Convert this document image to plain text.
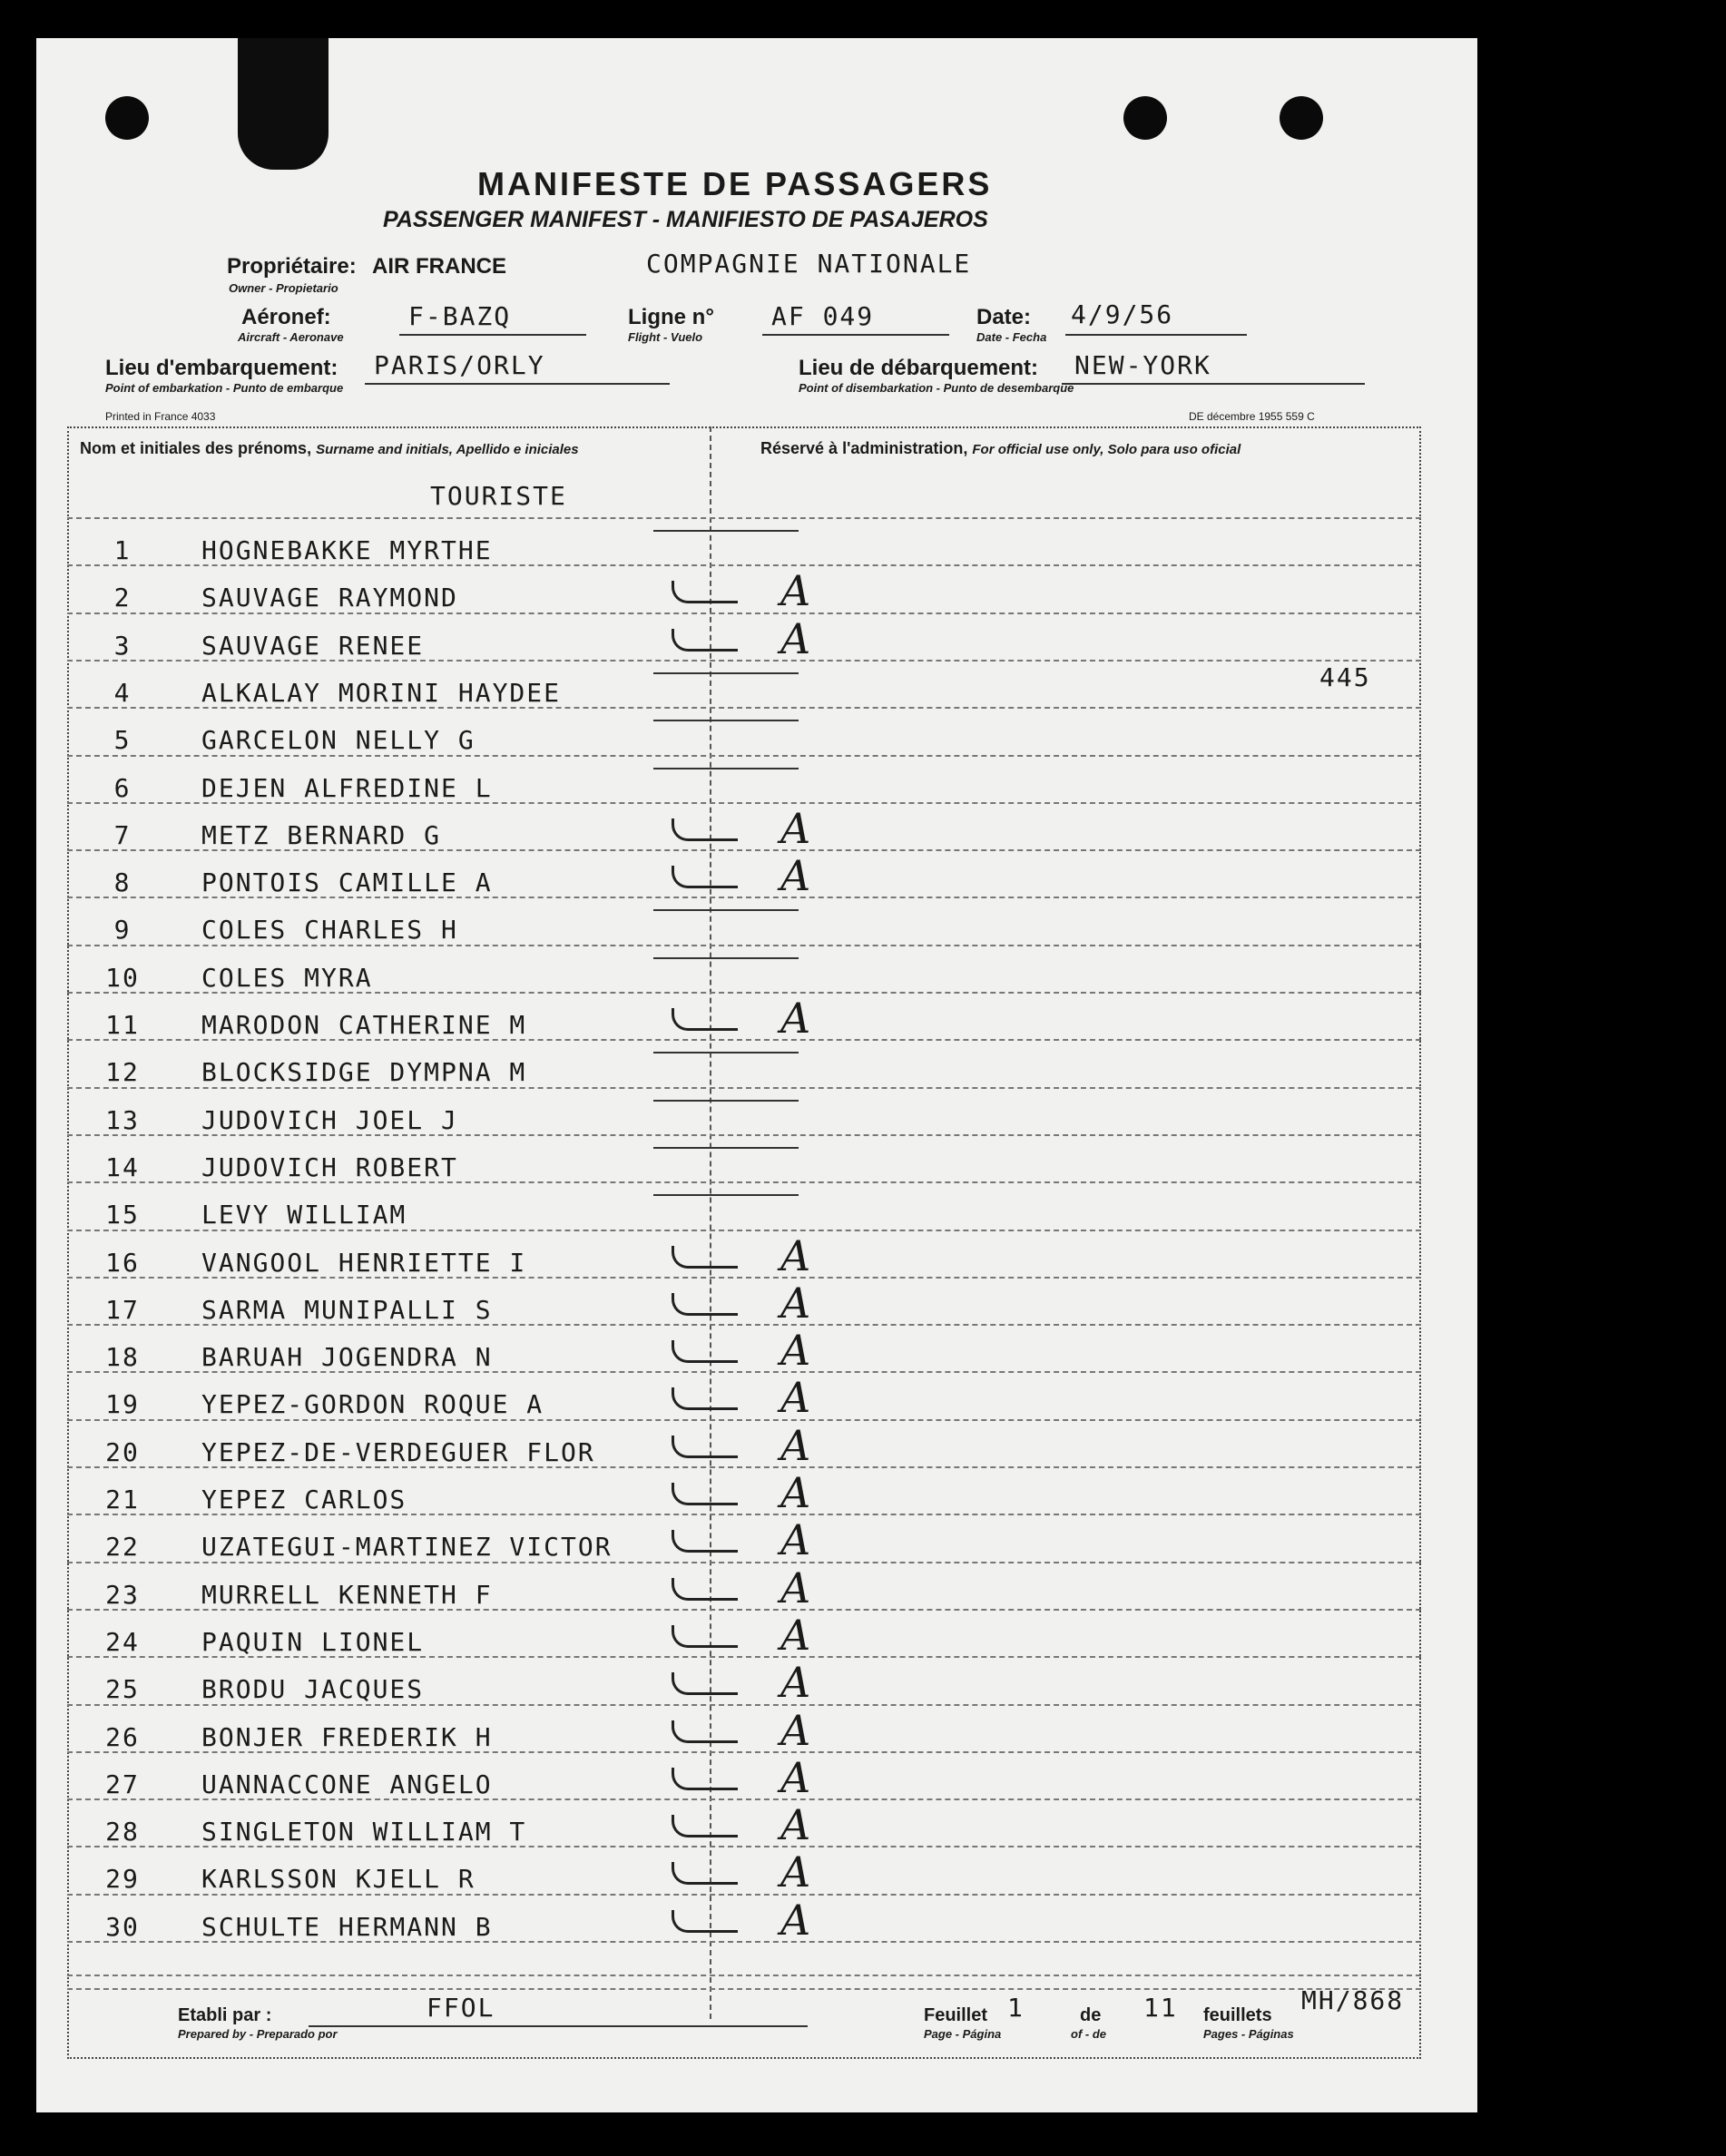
MANIFESTE DE PASSAGERS
PASSENGER MANIFEST - MANIFIESTO DE PASAJEROS
Propriétaire: AIR FRANCE	COMPAGNIE NATIONALE
Owner - Propietario
Aéronef:	F-BAZQ
Aircraft - Aeronave
Ligne n° AF 049
Flight - Vuelo
Date: 4/9/56
Date - Fecha
Lieu d'embarquement: PARIS/ORLY
Point of embarkation - Punto de embarque
Lieu de débarquement: NEW-YORK
Point of disembarkation - Punto de desembarque
Printed in France 4033	DE décembre 1955 559 C
Nom et initiales des prénoms, Surname and initials, Apellido e iniciales	Réservé à l'administration, For official use only, Solo para uso oficial
TOURISTE
445
1	HOGNEBAKKE MYRTHE
2	SAUVAGE RAYMOND	A
3	SAUVAGE RENEE	A
4	ALKALAY MORINI HAYDEE
5	GARCELON NELLY G
6	DEJEN ALFREDINE L
7	METZ BERNARD G	A
8	PONTOIS CAMILLE A	A
9	COLES CHARLES H
10	COLES MYRA
11	MARODON CATHERINE M	A
12	BLOCKSIDGE DYMPNA M
13	JUDOVICH JOEL J
14	JUDOVICH ROBERT
15	LEVY WILLIAM
16	VANGOOL HENRIETTE I	A
17	SARMA MUNIPALLI S	A
18	BARUAH JOGENDRA N	A
19	YEPEZ-GORDON ROQUE A	A
20	YEPEZ-DE-VERDEGUER FLOR	A
21	YEPEZ CARLOS	A
22	UZATEGUI-MARTINEZ VICTOR	A
23	MURRELL KENNETH F	A
24	PAQUIN LIONEL	A
25	BRODU JACQUES	A
26	BONJER FREDERIK H	A
27	UANNACCONE ANGELO	A
28	SINGLETON WILLIAM T	A
29	KARLSSON KJELL R	A
30	SCHULTE HERMANN B	A
Etabli par :	FFOL
Prepared by - Preparado por
Feuillet 1	de 11 feuillets MH/868
Page - Página	of - de	Pages - Páginas
